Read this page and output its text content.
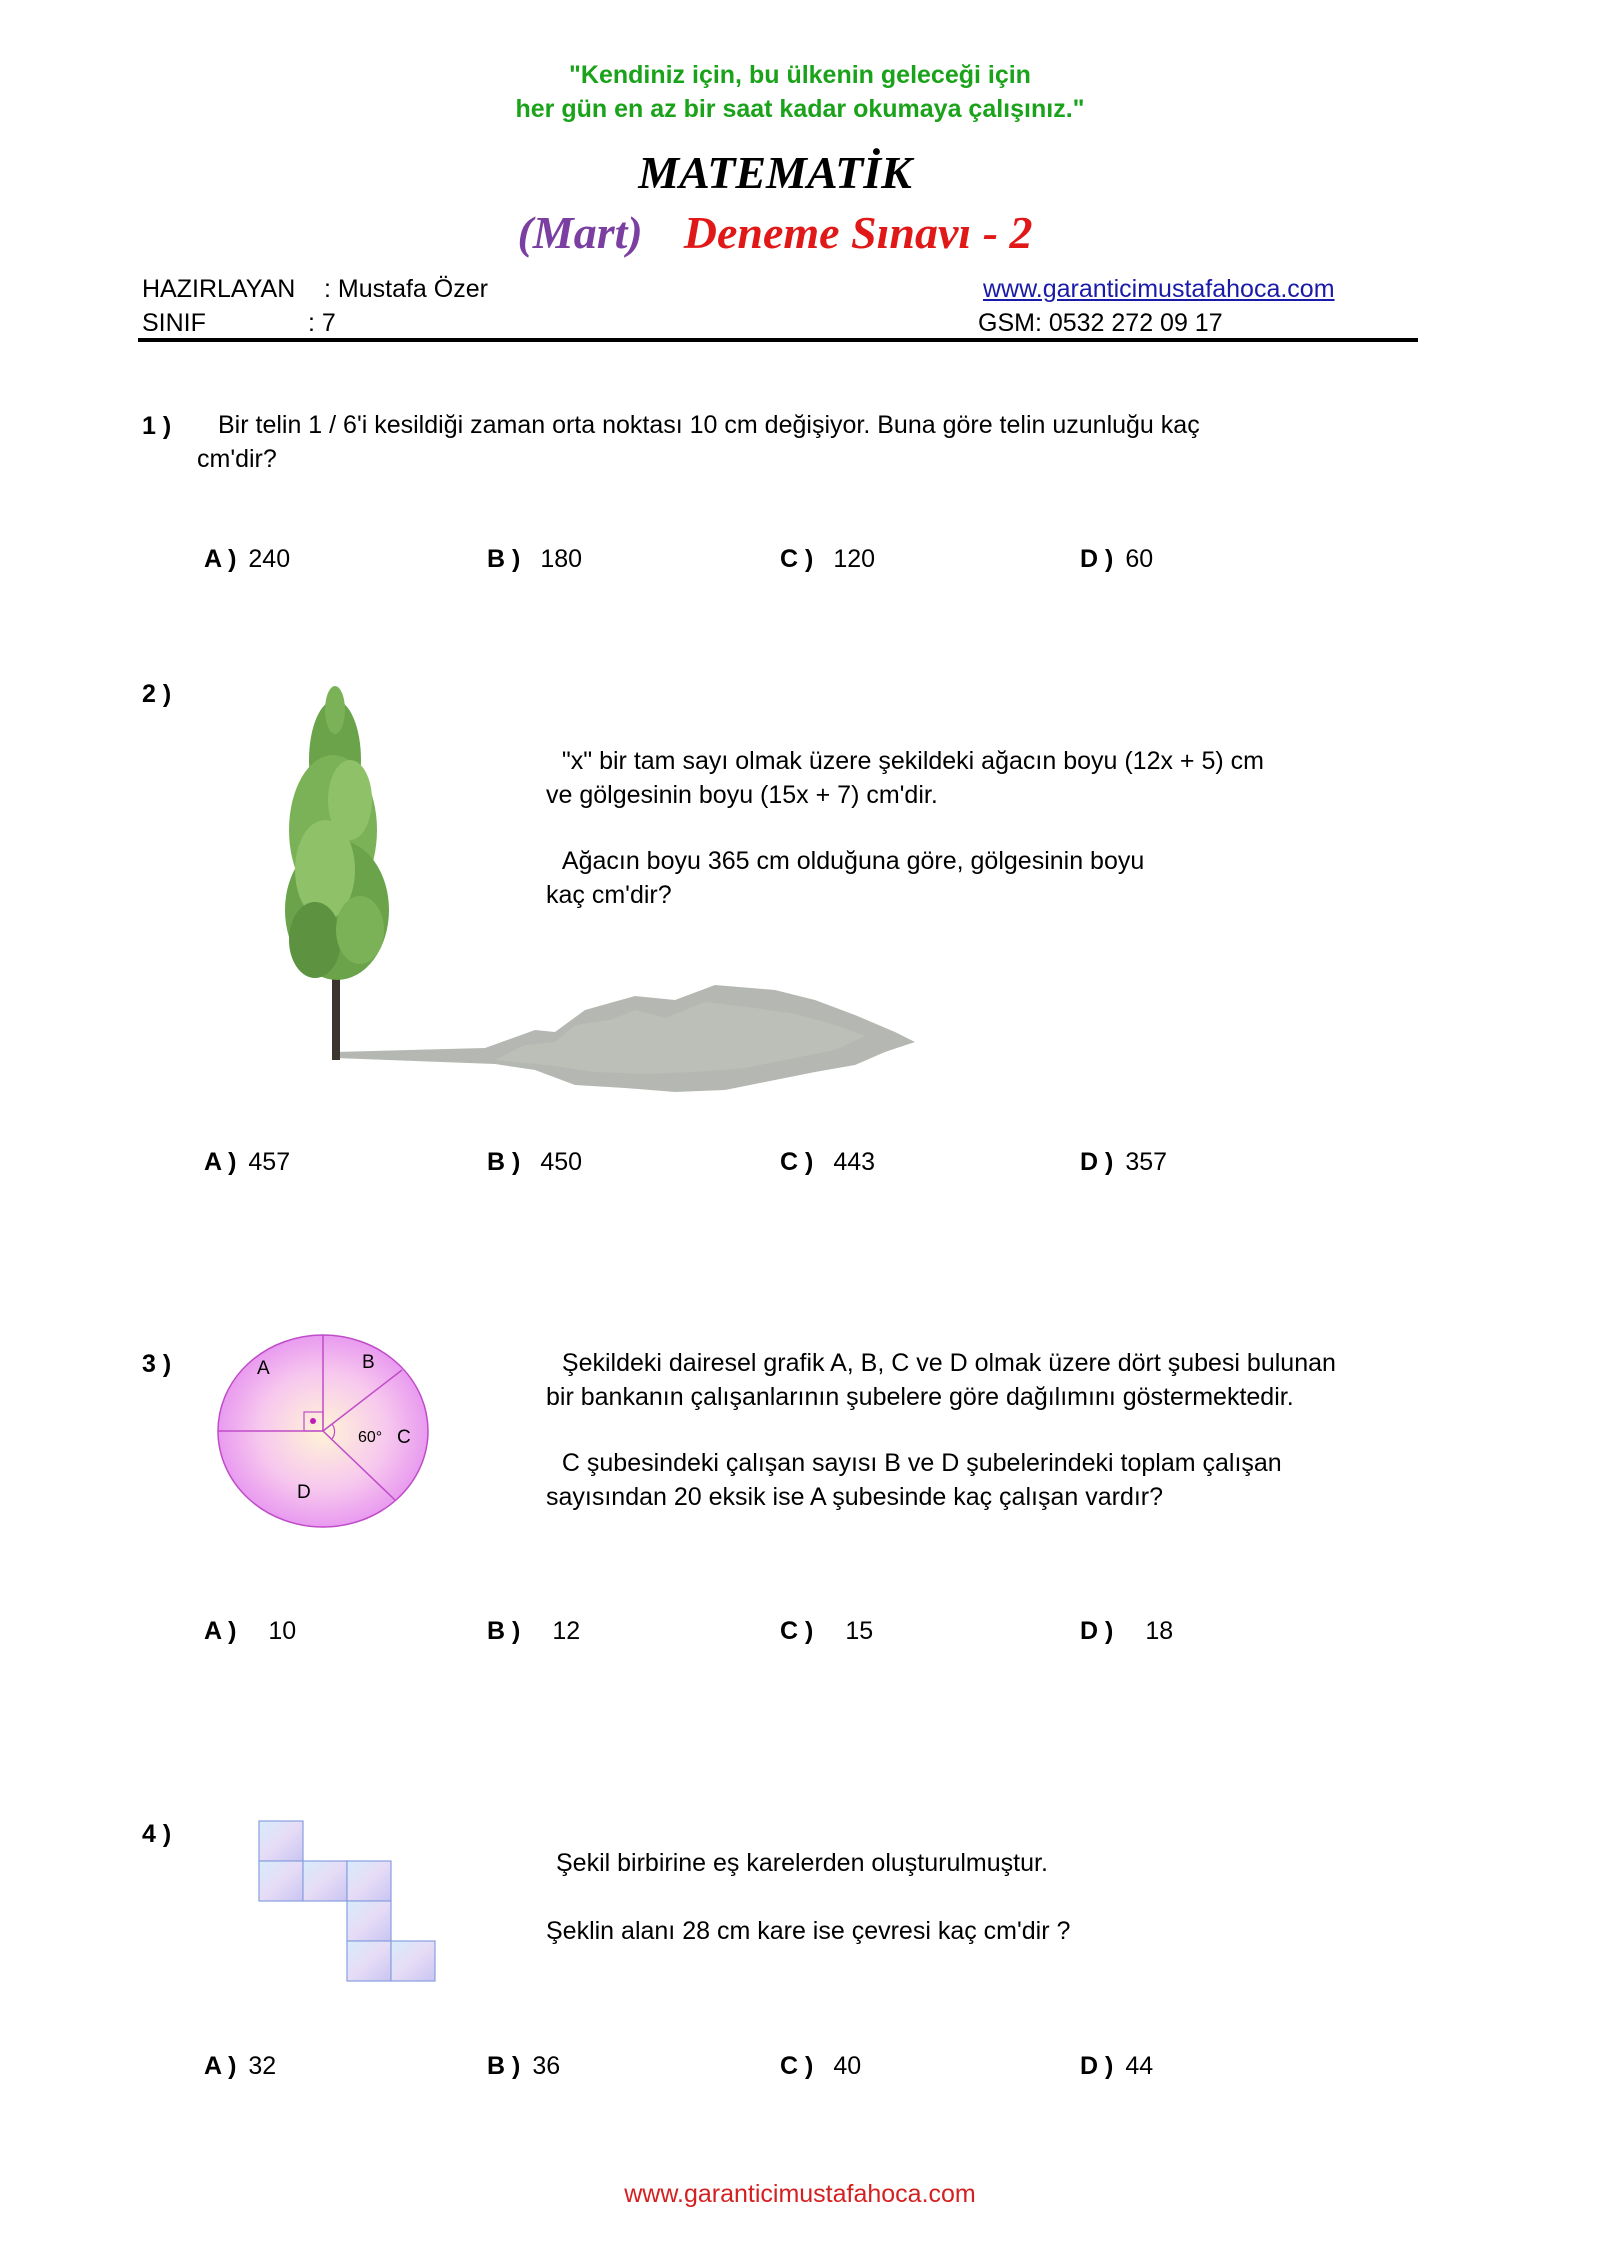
"Kendiniz için, bu ülkenin geleceği için
her gün en az bir saat kadar okumaya çalışınız."
MATEMATİK
(Mart) Deneme Sınavı - 2
HAZIRLAYAN : Mustafa Özer
SINIF	: 7
www.garanticimustafahoca.com
GSM: 0532 272 09 17
1 ) Bir telin 1 / 6'i kesildiği zaman orta noktası 10 cm değişiyor. Buna göre telin uzunluğu kaç
cm'dir?
A ) 240	B ) 180	C ) 120	D ) 60
2 )
"x" bir tam sayı olmak üzere şekildeki ağacın boyu (12x + 5) cm
ve gölgesinin boyu (15x + 7) cm'dir.
Ağacın boyu 365 cm olduğuna göre, gölgesinin boyu
kaç cm'dir?
A ) 457	B ) 450	C ) 443	D ) 357
3 )	A	B
C
D
60°
Şekildeki dairesel grafik A, B, C ve D olmak üzere dört şubesi bulunan
bir bankanın çalışanlarının şubelere göre dağılımını göstermektedir.
C şubesindeki çalışan sayısı B ve D şubelerindeki toplam çalışan
sayısından 20 eksik ise A şubesinde kaç çalışan vardır?
A ) 10	B ) 12	C ) 15	D ) 18
4 )
Şekil birbirine eş karelerden oluşturulmuştur.
Şeklin alanı 28 cm kare ise çevresi kaç cm'dir ?
A ) 32	B ) 36	C ) 40	D ) 44
www.garanticimustafahoca.com
